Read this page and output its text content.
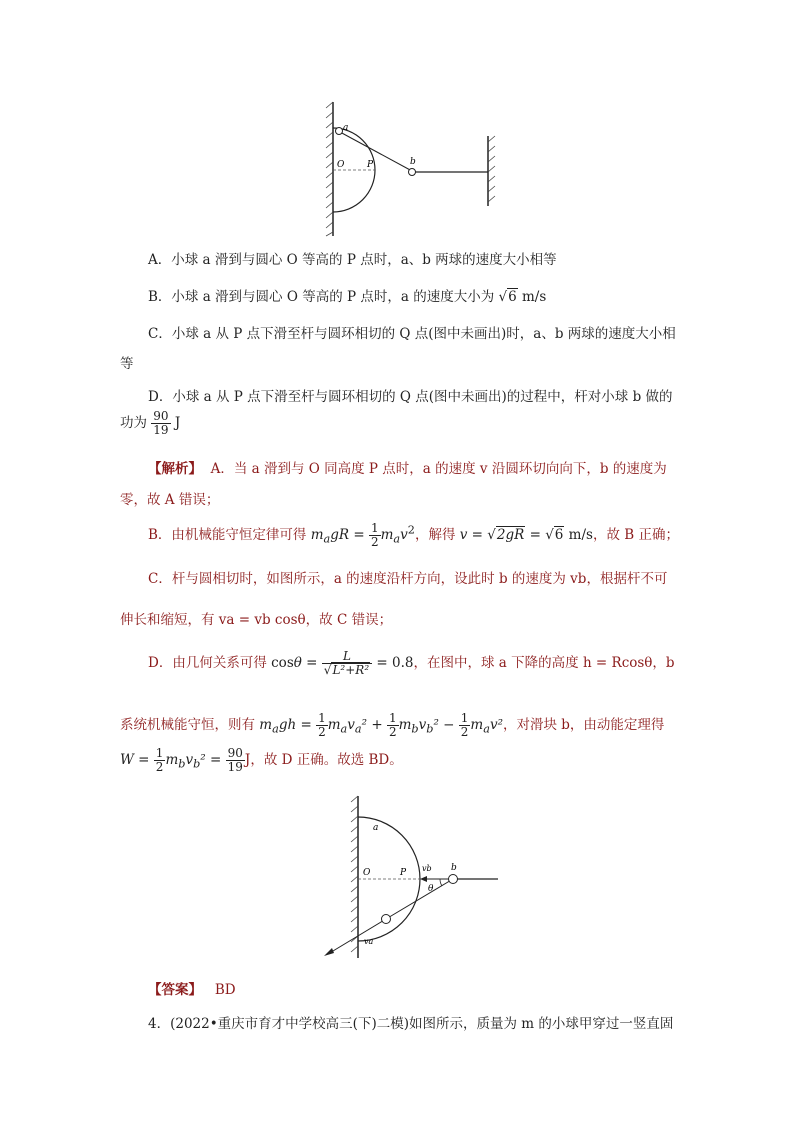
a
O	P	b
A．小球 a 滑到与圆心 O 等高的 P 点时，a、b 两球的速度大小相等
B．小球 a 滑到与圆心 O 等高的 P 点时，a 的速度大小为 √6 m/s
C．小球 a 从 P 点下滑至杆与圆环相切的 Q 点(图中未画出)时，a、b 两球的速度大小相
等
D．小球 a 从 P 点下滑至杆与圆环相切的 Q 点(图中未画出)的过程中，杆对小球 b 做的
功为 $\frac{90}{19}$ J
【解析】 A．当 a 滑到与 O 同高度 P 点时，a 的速度 v 沿圆环切向向下，b 的速度为
零，故 A 错误；
B．由机械能守恒定律可得 $m_agR = \frac{1}{2} m_av^2$，解得 v = √2gR = √6 m/s，故 B 正确；
C．杆与圆相切时，如图所示，a 的速度沿杆方向，设此时 b 的速度为 vb，根据杆不可
伸长和缩短，有 va = vb cosθ，故 C 错误；
D．由几何关系可得 $\cos\theta = \frac{L}{\text{√L²+R²}} = 0.8$，在图中，球 a 下降的高度 h = Rcosθ，b
系统机械能守恒，则有 $m_agh = \frac{1}{2} m_av_a^2 + \frac{1}{2} m_bv_b^2 - \frac{1}{2} m_av^2$，对滑块 b，由动能定理得
$W = \frac{1}{2} m_bv_b^2 = \frac{90}{19}$ J，故 D 正确。故选 BD。
a
O	P	b
vb
θ
va
【答案】 BD
4．(2022•重庆市育才中学校高三(下)二模)如图所示，质量为 m 的小球甲穿过一竖直固
